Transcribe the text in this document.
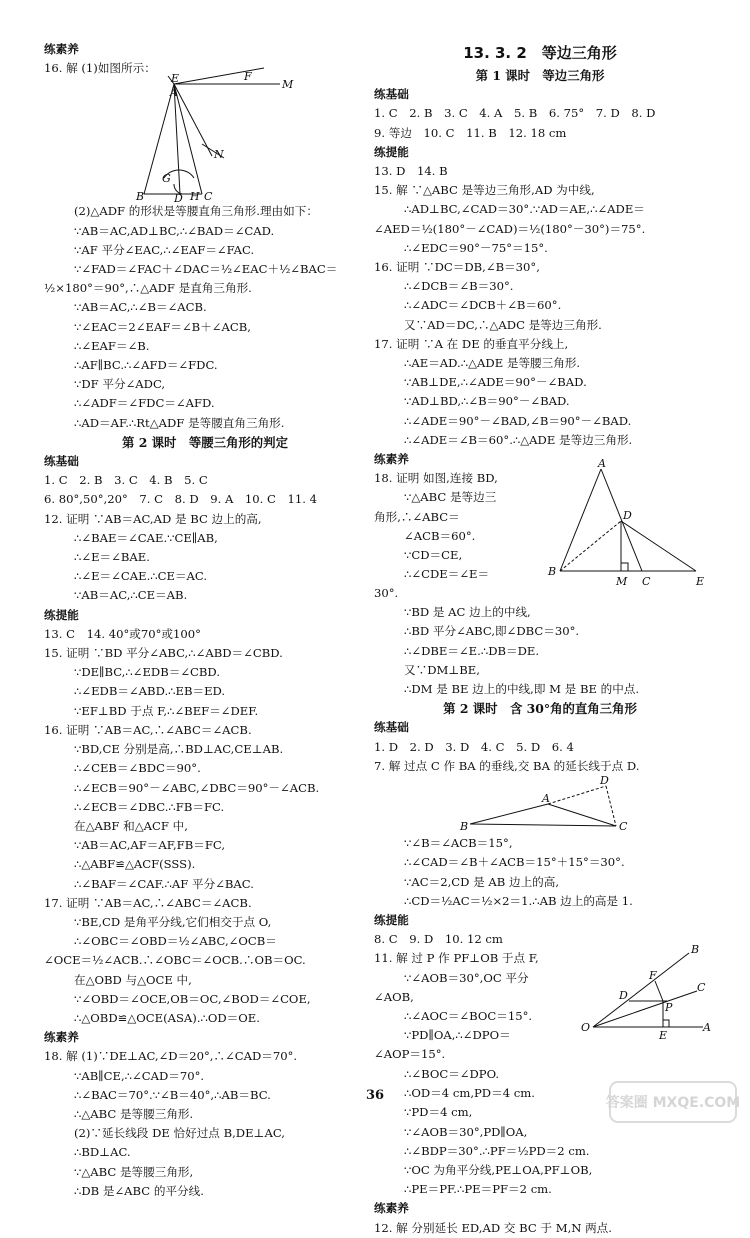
练素养
16. 解 (1)如图所示：
E
A
F
M
N
G
B	D H C
(2)△ADF 的形状是等腰直角三角形.理由如下：
∵AB＝AC,AD⊥BC,∴∠BAD＝∠CAD.
∵AF 平分∠EAC,∴∠EAF＝∠FAC.
∵∠FAD＝∠FAC＋∠DAC＝½∠EAC＋½∠BAC＝
½×180°＝90°,∴△ADF 是直角三角形.
∵AB＝AC,∴∠B＝∠ACB.
∵∠EAC＝2∠EAF＝∠B＋∠ACB,
∴∠EAF＝∠B.
∴AF∥BC.∴∠AFD＝∠FDC.
∵DF 平分∠ADC,
∴∠ADF＝∠FDC＝∠AFD.
∴AD＝AF.∴Rt△ADF 是等腰直角三角形.
第 2 课时　等腰三角形的判定
练基础
1. C　2. B　3. C　4. B　5. C
6. 80°,50°,20°　7. C　8. D　9. A　10. C　11. 4
12. 证明 ∵AB＝AC,AD 是 BC 边上的高,
∴∠BAE＝∠CAE.∵CE∥AB,
∴∠E＝∠BAE.
∴∠E＝∠CAE.∴CE＝AC.
∵AB＝AC,∴CE＝AB.
练提能
13. C　14. 40°或70°或100°
15. 证明 ∵BD 平分∠ABC,∴∠ABD＝∠CBD.
∵DE∥BC,∴∠EDB＝∠CBD.
∴∠EDB＝∠ABD.∴EB＝ED.
∵EF⊥BD 于点 F,∴∠BEF＝∠DEF.
16. 证明 ∵AB＝AC,∴∠ABC＝∠ACB.
∵BD,CE 分别是高,∴BD⊥AC,CE⊥AB.
∴∠CEB＝∠BDC＝90°.
∴∠ECB＝90°－∠ABC,∠DBC＝90°－∠ACB.
∴∠ECB＝∠DBC.∴FB＝FC.
在△ABF 和△ACF 中,
∵AB＝AC,AF＝AF,FB＝FC,
∴△ABF≌△ACF(SSS).
∴∠BAF＝∠CAF.∴AF 平分∠BAC.
17. 证明 ∵AB＝AC,∴∠ABC＝∠ACB.
∵BE,CD 是角平分线,它们相交于点 O,
∴∠OBC＝∠OBD＝½∠ABC,∠OCB＝
∠OCE＝½∠ACB.∴∠OBC＝∠OCB.∴OB＝OC.
在△OBD 与△OCE 中,
∵∠OBD＝∠OCE,OB＝OC,∠BOD＝∠COE,
∴△OBD≌△OCE(ASA).∴OD＝OE.
练素养
18. 解 (1)∵DE⊥AC,∠D＝20°,∴∠CAD＝70°.
∵AB∥CE,∴∠CAD＝70°.
∴∠BAC＝70°.∵∠B＝40°,∴AB＝BC.
∴△ABC 是等腰三角形.
(2)∵延长线段 DE 恰好过点 B,DE⊥AC,
∴BD⊥AC.
∵△ABC 是等腰三角形,
∴DB 是∠ABC 的平分线.
13. 3. 2　等边三角形
第 1 课时　等边三角形
练基础
1. C　2. B　3. C　4. A　5. B　6. 75°　7. D　8. D
9. 等边　10. C　11. B　12. 18 cm
练提能
13. D　14. B
15. 解 ∵△ABC 是等边三角形,AD 为中线,
∴AD⊥BC,∠CAD＝30°.∵AD＝AE,∴∠ADE＝
∠AED＝½(180°－∠CAD)＝½(180°－30°)＝75°.
∴∠EDC＝90°－75°＝15°.
16. 证明 ∵DC＝DB,∠B＝30°,
∴∠DCB＝∠B＝30°.
∴∠ADC＝∠DCB＋∠B＝60°.
又∵AD＝DC,∴△ADC 是等边三角形.
17. 证明 ∵A 在 DE 的垂直平分线上,
∴AE＝AD.∴△ADE 是等腰三角形.
∵AB⊥DE,∴∠ADE＝90°－∠BAD.
∵AD⊥BD,∴∠B＝90°－∠BAD.
∴∠ADE＝90°－∠BAD,∠B＝90°－∠BAD.
∴∠ADE＝∠B＝60°.∴△ADE 是等边三角形.
练素养
18. 证明 如图,连接 BD,
∵△ABC 是等边三
角形,∴∠ABC＝
∠ACB＝60°.
∵CD＝CE,
∴∠CDE＝∠E＝
30°.
A
D
B
M C	E
∵BD 是 AC 边上的中线,
∴BD 平分∠ABC,即∠DBC＝30°.
∴∠DBE＝∠E.∴DB＝DE.
又∵DM⊥BE,
∴DM 是 BE 边上的中线,即 M 是 BE 的中点.
第 2 课时　含 30°角的直角三角形
练基础
1. D　2. D　3. D　4. C　5. D　6. 4
7. 解 过点 C 作 BA 的垂线,交 BA 的延长线于点 D.
D
A
B	C
∵∠B＝∠ACB＝15°,
∴∠CAD＝∠B＋∠ACB＝15°＋15°＝30°.
∵AC＝2,CD 是 AB 边上的高,
∴CD＝½AC＝½×2＝1.∴AB 边上的高是 1.
练提能
8. C　9. D　10. 12 cm
11. 解 过 P 作 PF⊥OB 于点 F,
∵∠AOB＝30°,OC 平分
∠AOB,
∴∠AOC＝∠BOC＝15°.
∵PD∥OA,∴∠DPO＝
∠AOP＝15°.
∴∠BOC＝∠DPO.
∴OD＝4 cm,PD＝4 cm.
B
F
D
C
P
O
E
A
∵PD＝4 cm,
∵∠AOB＝30°,PD∥OA,
∴∠BDP＝30°.∴PF＝½PD＝2 cm.
∵OC 为角平分线,PE⊥OA,PF⊥OB,
∴PE＝PF.∴PE＝PF＝2 cm.
练素养
12. 解 分别延长 ED,AD 交 BC 于 M,N 两点.
36	答案圈 MXQE.COM
